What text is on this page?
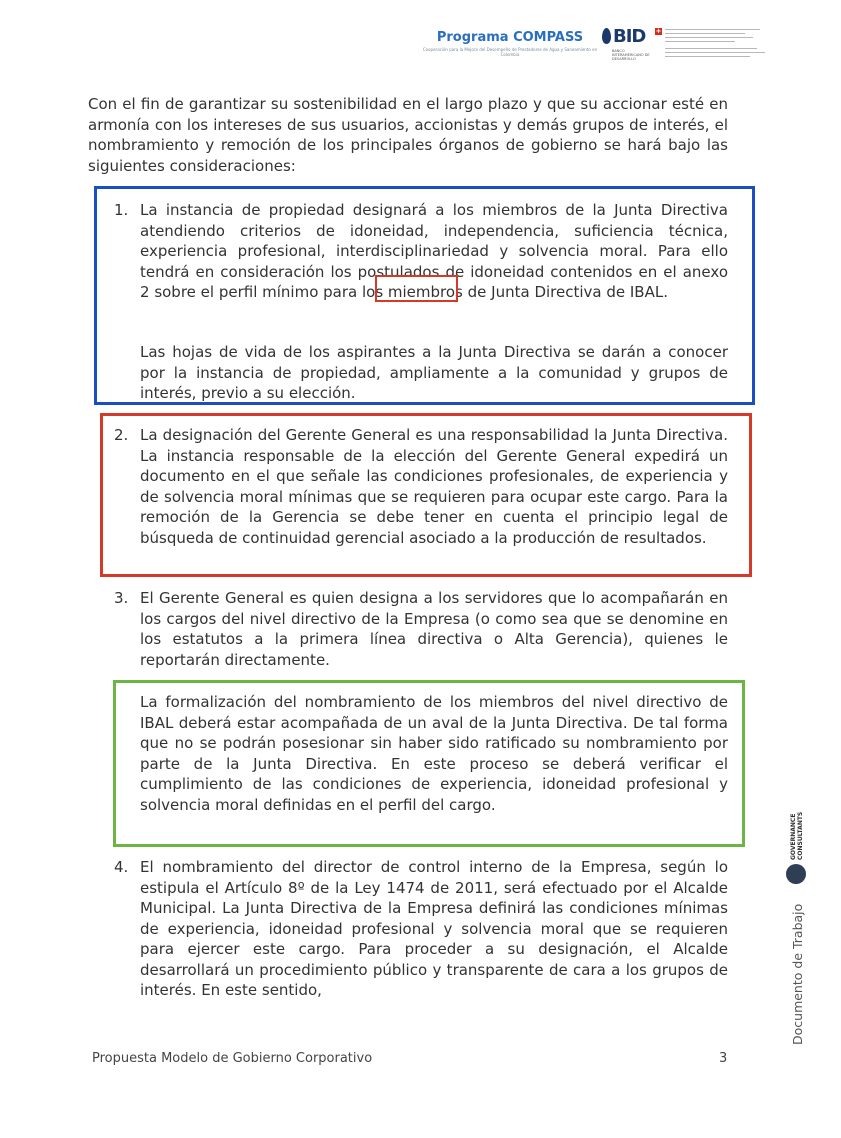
Programa COMPASS
Cooperación para la Mejora del Desempeño de Prestadores de Agua y Saneamiento en Colombia
BID
BANCO INTERAMERICANO DE DESARROLLO
+
Con el fin de garantizar su sostenibilidad en el largo plazo y que su accionar esté en armonía con los intereses de sus usuarios, accionistas y demás grupos de interés, el nombramiento y remoción de los principales órganos de gobierno se hará bajo las siguientes consideraciones:
1. La instancia de propiedad designará a los miembros de la Junta Directiva atendiendo criterios de idoneidad, independencia, suficiencia técnica, experiencia profesional, interdisciplinariedad y solvencia moral. Para ello tendrá en consideración los postulados de idoneidad contenidos en el anexo 2 sobre el perfil mínimo para los miembros de Junta Directiva de IBAL.
Las hojas de vida de los aspirantes a la Junta Directiva se darán a conocer por la instancia de propiedad, ampliamente a la comunidad y grupos de interés, previo a su elección.
2. La designación del Gerente General es una responsabilidad la Junta Directiva. La instancia responsable de la elección del Gerente General expedirá un documento en el que señale las condiciones profesionales, de experiencia y de solvencia moral mínimas que se requieren para ocupar este cargo. Para la remoción de la Gerencia se debe tener en cuenta el principio legal de búsqueda de continuidad gerencial asociado a la producción de resultados.
3. El Gerente General es quien designa a los servidores que lo acompañarán en los cargos del nivel directivo de la Empresa (o como sea que se denomine en los estatutos a la primera línea directiva o Alta Gerencia), quienes le reportarán directamente.
La formalización del nombramiento de los miembros del nivel directivo de IBAL deberá estar acompañada de un aval de la Junta Directiva. De tal forma que no se podrán posesionar sin haber sido ratificado su nombramiento por parte de la Junta Directiva. En este proceso se deberá verificar el cumplimiento de las condiciones de experiencia, idoneidad profesional y solvencia moral definidas en el perfil del cargo.
4. El nombramiento del director de control interno de la Empresa, según lo estipula el Artículo 8º de la Ley 1474 de 2011, será efectuado por el Alcalde Municipal. La Junta Directiva de la Empresa definirá las condiciones mínimas de experiencia, idoneidad profesional y solvencia moral que se requieren para ejercer este cargo. Para proceder a su designación, el Alcalde desarrollará un procedimiento público y transparente de cara a los grupos de interés. En este sentido,
GOVERNANCE
CONSULTANTS
Documento de Trabajo
Propuesta Modelo de Gobierno Corporativo	3
